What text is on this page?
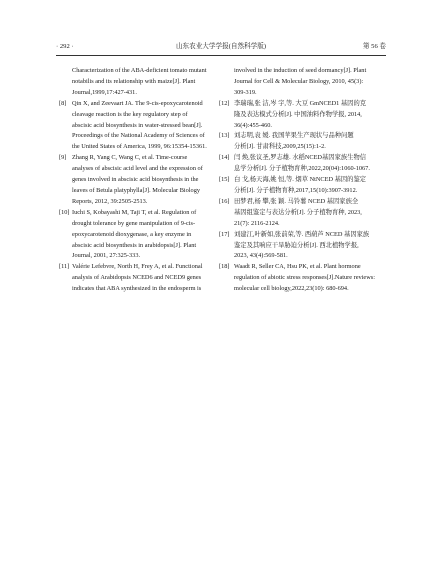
· 292 ·	山东农业大学学报(自然科学版)	第 56 卷
Characterization of the ABA-deficient tomato mutant
notabilis and its relationship with maize[J]. Plant
Journal,1999,17:427-431.
[8] Qin X, and Zeevaart JA. The 9-cis-epoxycarotenoid
cleavage reaction is the key regulatory step of
abscisic acid biosynthesis in water-stressed bean[J].
Proceedings of the National Academy of Sciences of
the United States of America, 1999, 96:15354-15361.
[9] Zhang R, Yang C, Wang C, et al. Time-course
analyses of abscisic acid level and the expression of
genes involved in abscisic acid biosynthesis in the
leaves of Betula platyphylla[J]. Molecular Biology
Reports, 2012, 39:2505-2513.
[10] Iuchi S, Kobayashi M, Taji T, et al. Regulation of
drought tolerance by gene manipulation of 9-cis-
epoxycarotenoid dioxygenase, a key enzyme in
abscisic acid biosynthesis in arabidopsis[J]. Plant
Journal, 2001, 27:325-333.
[11] Valérie Lefebvre, North H, Frey A, et al. Functional
analysis of Arabidopsis NCED6 and NCED9 genes
indicates that ABA synthesized in the endosperm is
involved in the induction of seed dormancy[J]. Plant
Journal for Cell & Molecular Biology, 2010, 45(3):
309-319.
[12] 李瑞瑞,张 洁,岑 宇,等. 大豆 GmNCED1 基因的克
隆及表达模式分析[J]. 中国油料作物学报, 2014,
36(4):455-460.
[13] 刘志明,袁 媛. 我国苹果生产现状与品种问题
分析[J]. 甘肃科技,2009,25(15):1-2.
[14] 闫 焕,张议圣,罗志雄. 水稻NCED基因家族生物信
息学分析[J]. 分子植物育种,2022,20(04):1060-1067.
[15] 白 戈,杨天海,姚 恒,等. 烟草 NtNCED 基因的鉴定
分析[J]. 分子植物育种,2017,15(10):3907-3912.
[16] 田梦君,杨 攀,张 颖. 马铃薯 NCED 基因家族全
基因组鉴定与表达分析[J]. 分子植物育种, 2023,
21(7): 2116-2124.
[17] 刘建江,叶新如,张前荣,等. 西葫芦 NCED 基因家族
鉴定及其响应干旱胁迫分析[J]. 西北植物学报,
2023, 43(4):569-581.
[18] Waadt R, Seller CA, Hsu PK, et al. Plant hormone
regulation of abiotic stress responses[J].Nature reviews:
molecular cell biology,2022,23(10): 680-694.
